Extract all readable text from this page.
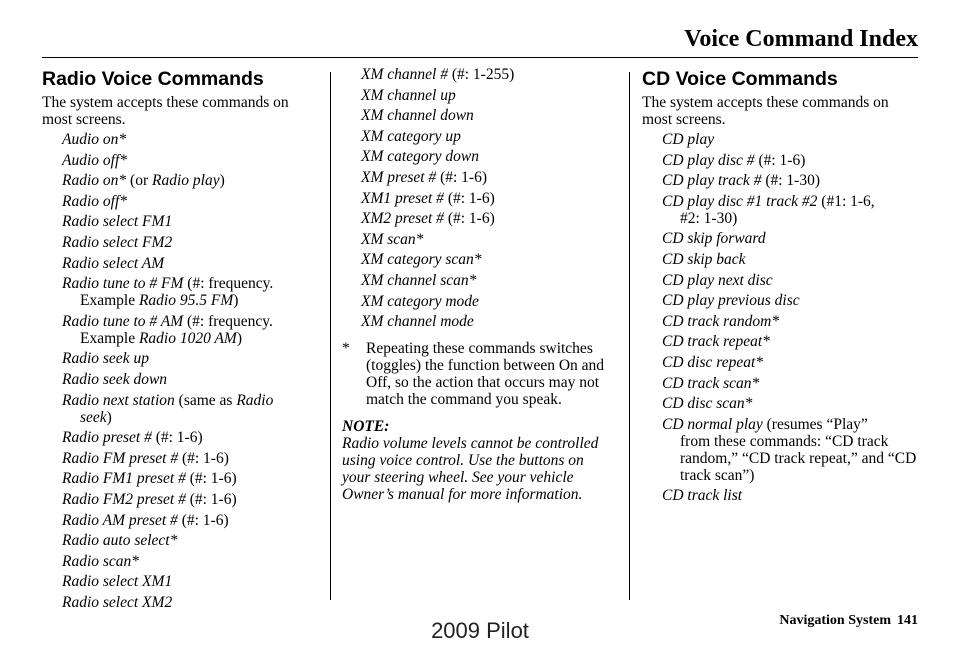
Voice Command Index
Radio Voice Commands

The system accepts these commands on most screens.

Audio on*
Audio off*
Radio on* (or Radio play)
Radio off*
Radio select FM1
Radio select FM2
Radio select AM
Radio tune to # FM (#: frequency.
Example Radio 95.5 FM)
Radio tune to # AM (#: frequency.
Example Radio 1020 AM)
Radio seek up
Radio seek down
Radio next station (same as Radio
seek)
Radio preset # (#: 1-6)
Radio FM preset # (#: 1-6)
Radio FM1 preset # (#: 1-6)
Radio FM2 preset # (#: 1-6)
Radio AM preset # (#: 1-6)
Radio auto select*
Radio scan*
Radio select XM1
Radio select XM2
XM channel # (#: 1-255)
XM channel up
XM channel down
XM category up
XM category down
XM preset # (#: 1-6)
XM1 preset # (#: 1-6)
XM2 preset # (#: 1-6)
XM scan*
XM category scan*
XM channel scan*
XM category mode
XM channel mode
*	Repeating these commands switches (toggles) the function between On and Off, so the action that occurs may not match the command you speak.

NOTE:

Radio volume levels cannot be controlled using voice control. Use the buttons on your steering wheel. See your vehicle Owner’s manual for more information.

CD Voice Commands

The system accepts these commands on most screens.

CD play
CD play disc # (#: 1-6)
CD play track # (#: 1-30)
CD play disc #1 track #2 (#1: 1-6,
#2: 1-30)
CD skip forward
CD skip back
CD play next disc
CD play previous disc
CD track random*
CD track repeat*
CD disc repeat*
CD track scan*
CD disc scan*
CD normal play (resumes “Play”
from these commands: “CD track random,” “CD track repeat,” and “CD track scan”)
CD track list
Navigation System 141
2009 Pilot
